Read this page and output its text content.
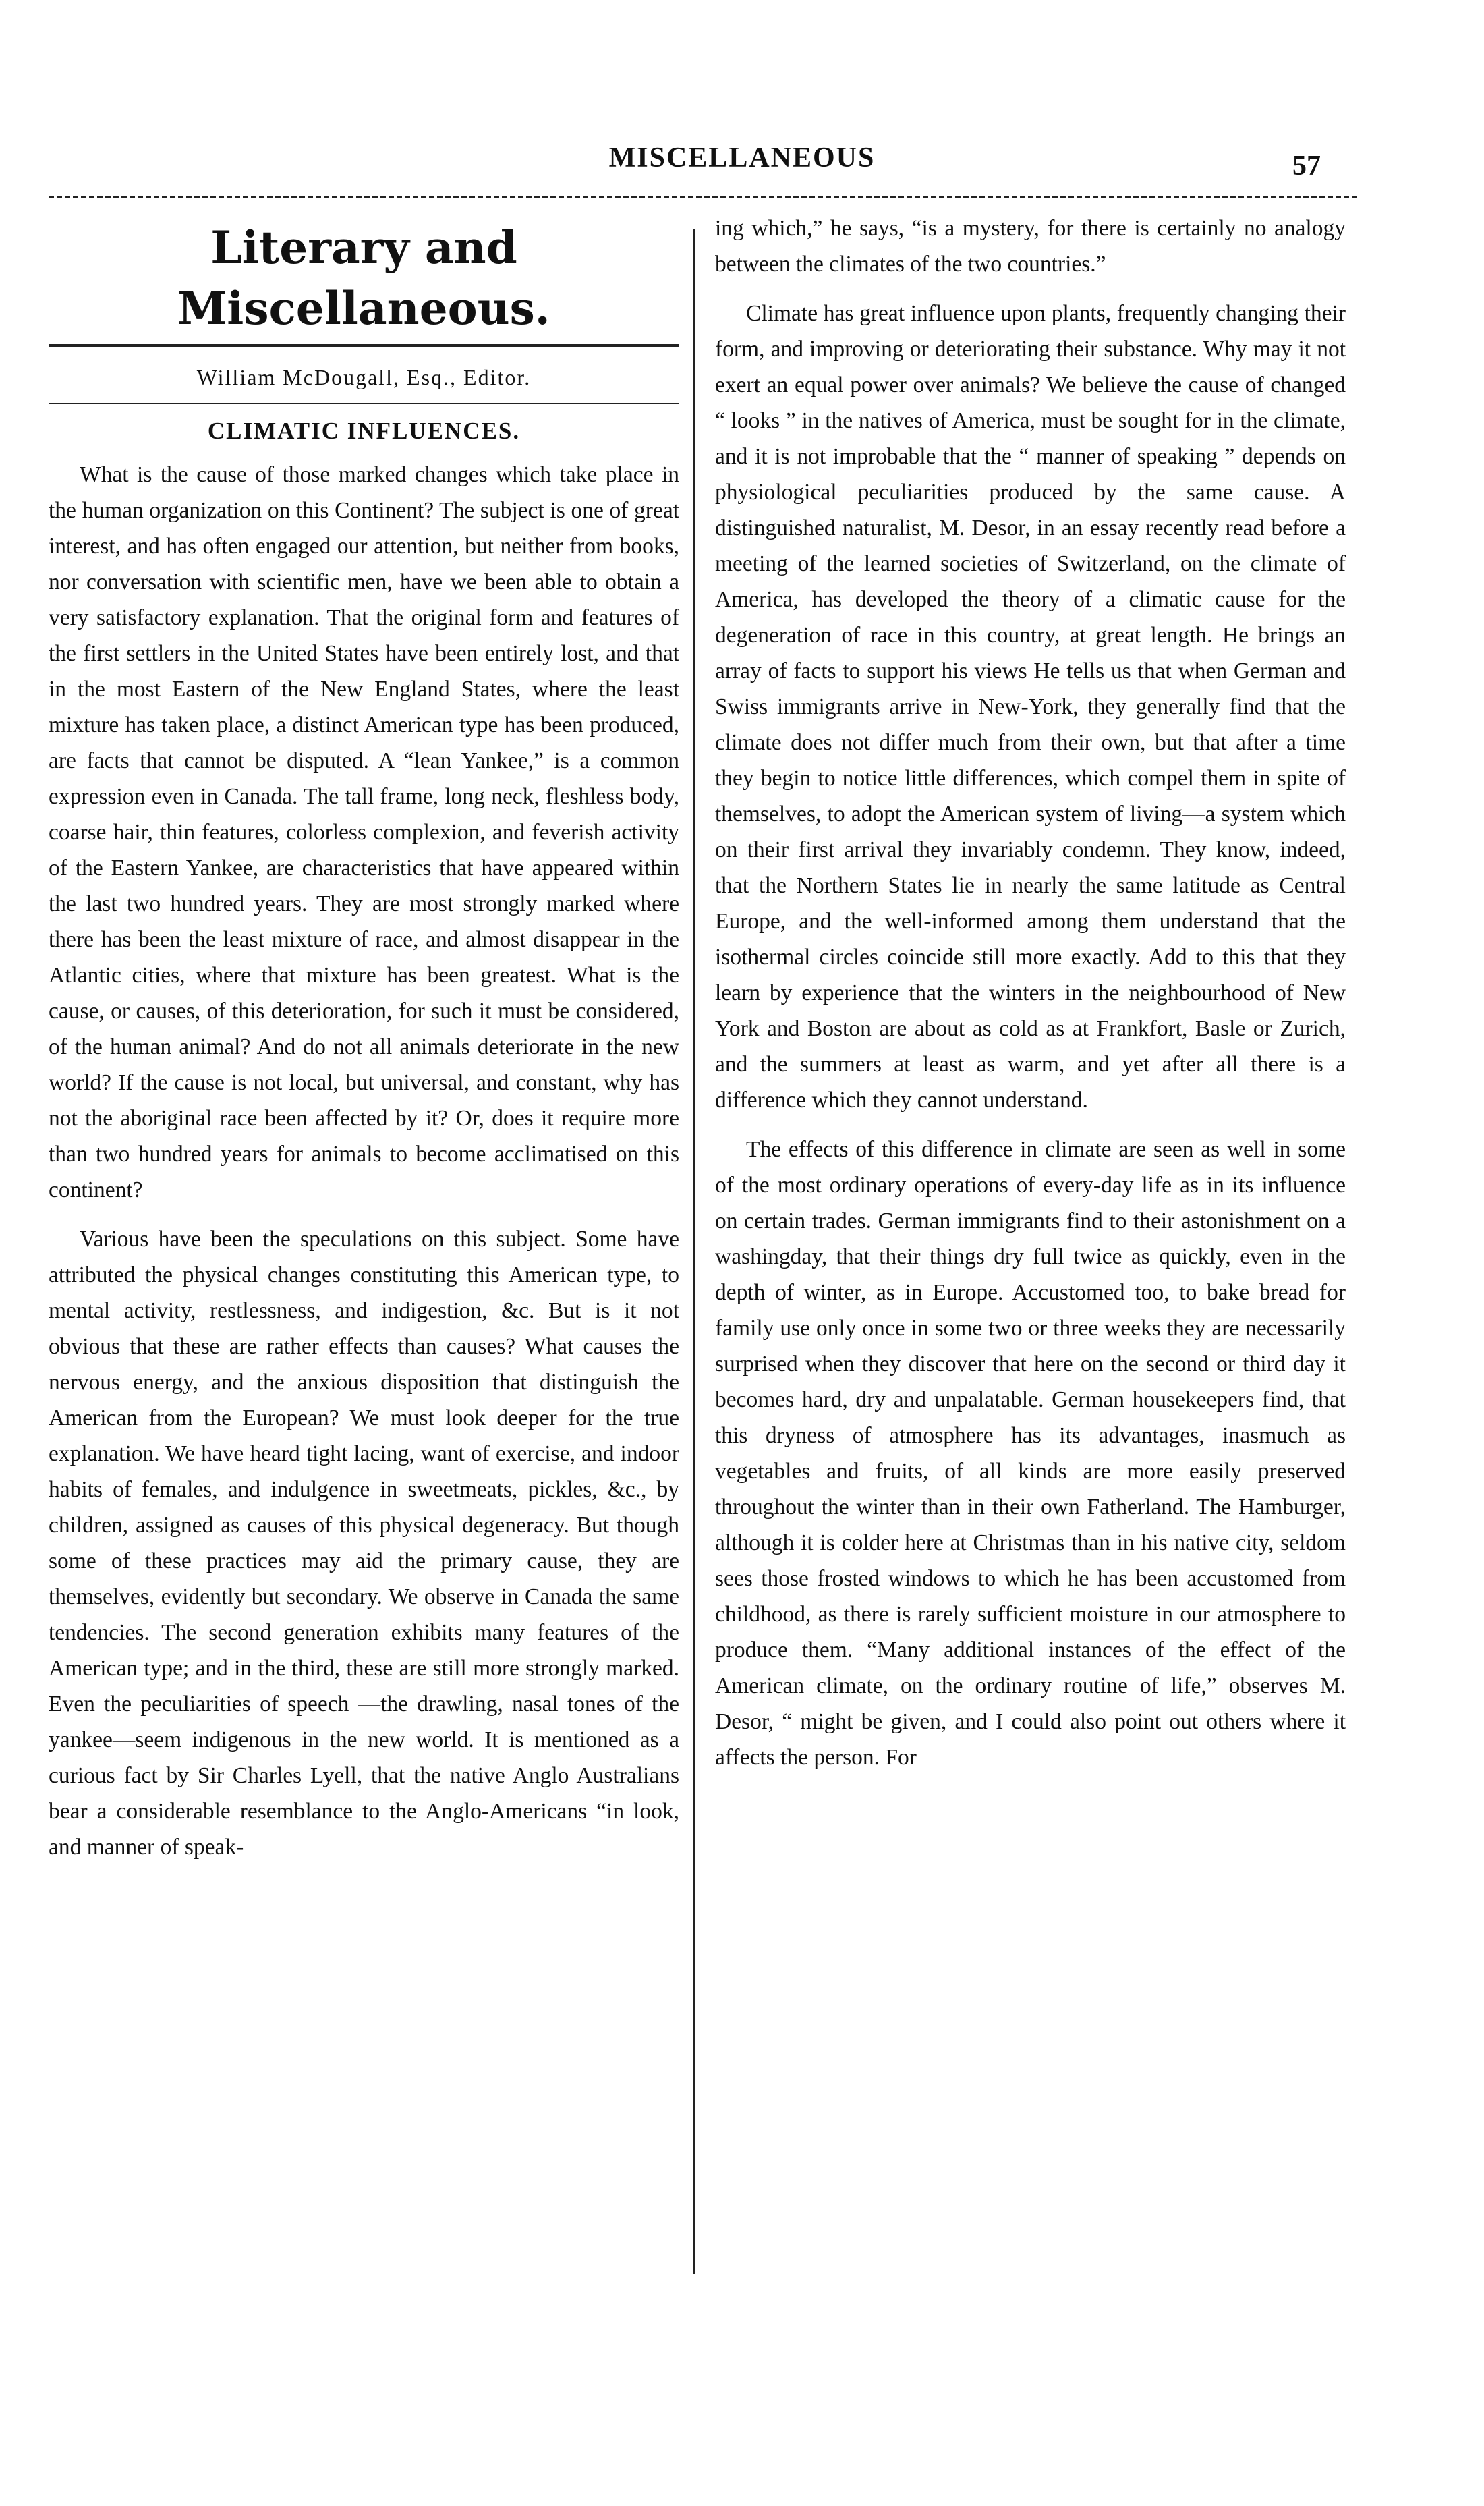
MISCELLANEOUS	57
Literary and Miscellaneous.
William McDougall, Esq., Editor.
CLIMATIC INFLUENCES.

What is the cause of those marked changes which take place in the human organization on this Continent? The subject is one of great interest, and has often engaged our attention, but neither from books, nor conversation with scientific men, have we been able to obtain a very satisfactory explanation. That the original form and features of the first settlers in the United States have been entirely lost, and that in the most Eastern of the New England States, where the least mixture has taken place, a distinct American type has been produced, are facts that cannot be disputed. A “lean Yankee,” is a common expression even in Canada. The tall frame, long neck, fleshless body, coarse hair, thin features, colorless complexion, and feverish activity of the Eastern Yankee, are characteristics that have appeared within the last two hundred years. They are most strongly marked where there has been the least mixture of race, and almost disappear in the Atlantic cities, where that mixture has been greatest. What is the cause, or causes, of this deterioration, for such it must be considered, of the human animal? And do not all animals deteriorate in the new world? If the cause is not local, but universal, and constant, why has not the aboriginal race been affected by it? Or, does it require more than two hundred years for animals to become acclimatised on this continent?

Various have been the speculations on this subject. Some have attributed the physical changes constituting this American type, to mental activity, restlessness, and indigestion, &c. But is it not obvious that these are rather effects than causes? What causes the nervous energy, and the anxious disposition that distinguish the American from the European? We must look deeper for the true explanation. We have heard tight lacing, want of exercise, and indoor habits of females, and indulgence in sweetmeats, pickles, &c., by children, assigned as causes of this physical degeneracy. But though some of these practices may aid the primary cause, they are themselves, evidently but secondary. We observe in Canada the same tendencies. The second generation exhibits many features of the American type; and in the third, these are still more strongly marked. Even the peculiarities of speech —the drawling, nasal tones of the yankee—seem indigenous in the new world. It is mentioned as a curious fact by Sir Charles Lyell, that the native Anglo Australians bear a considerable resemblance to the Anglo-Americans “in look, and manner of speak-

ing which,” he says, “is a mystery, for there is certainly no analogy between the climates of the two countries.”

Climate has great influence upon plants, frequently changing their form, and improving or deteriorating their substance. Why may it not exert an equal power over animals? We believe the cause of changed “ looks ” in the natives of America, must be sought for in the climate, and it is not improbable that the “ manner of speaking ” depends on physiological peculiarities produced by the same cause. A distinguished naturalist, M. Desor, in an essay recently read before a meeting of the learned societies of Switzerland, on the climate of America, has developed the theory of a climatic cause for the degeneration of race in this country, at great length. He brings an array of facts to support his views He tells us that when German and Swiss immigrants arrive in New-York, they generally find that the climate does not differ much from their own, but that after a time they begin to notice little differences, which compel them in spite of themselves, to adopt the American system of living—a system which on their first arrival they invariably condemn. They know, indeed, that the Northern States lie in nearly the same latitude as Central Europe, and the well-informed among them understand that the isothermal circles coincide still more exactly. Add to this that they learn by experience that the winters in the neighbourhood of New York and Boston are about as cold as at Frankfort, Basle or Zurich, and the summers at least as warm, and yet after all there is a difference which they cannot understand.

The effects of this difference in climate are seen as well in some of the most ordinary operations of every-day life as in its influence on certain trades. German immigrants find to their astonishment on a washingday, that their things dry full twice as quickly, even in the depth of winter, as in Europe. Accustomed too, to bake bread for family use only once in some two or three weeks they are necessarily surprised when they discover that here on the second or third day it becomes hard, dry and unpalatable. German housekeepers find, that this dryness of atmosphere has its advantages, inasmuch as vegetables and fruits, of all kinds are more easily preserved throughout the winter than in their own Fatherland. The Hamburger, although it is colder here at Christmas than in his native city, seldom sees those frosted windows to which he has been accustomed from childhood, as there is rarely sufficient moisture in our atmosphere to produce them. “Many additional instances of the effect of the American climate, on the ordinary routine of life,” observes M. Desor, “ might be given, and I could also point out others where it affects the person. For
